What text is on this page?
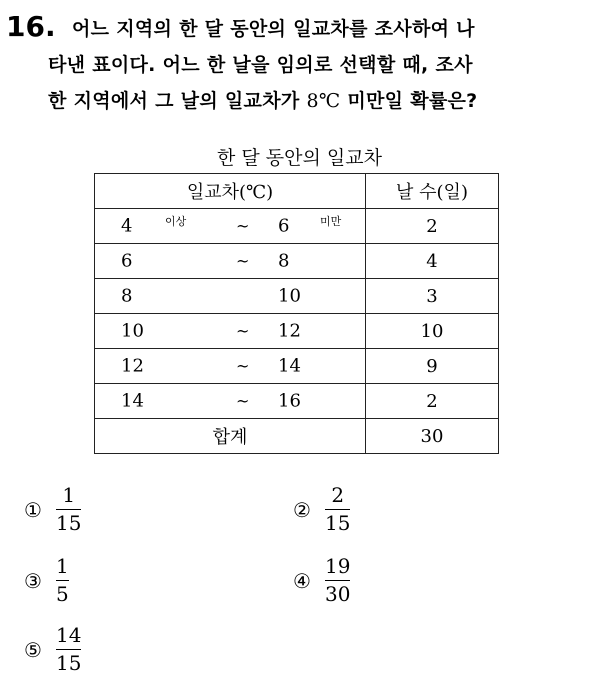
16. 어느 지역의 한 달 동안의 일교차를 조사하여 나
타낸 표이다. 어느 한 날을 임의로 선택할 때, 조사
한 지역에서 그 날의 일교차가 8℃ 미만일 확률은?
한 달 동안의 일교차
일교차(℃)	날 수(일)

4 이상 ~ 6 미만	2

6 ~ 8	4

8 10	3

10 ~ 12	10

12 ~ 14	9

14 ~ 16	2
합계	30
① $\frac{1}{15}$	② $\frac{2}{15}$
③ $\frac{1}{5}$	④ $\frac{19}{30}$
⑤ $\frac{14}{15}$
